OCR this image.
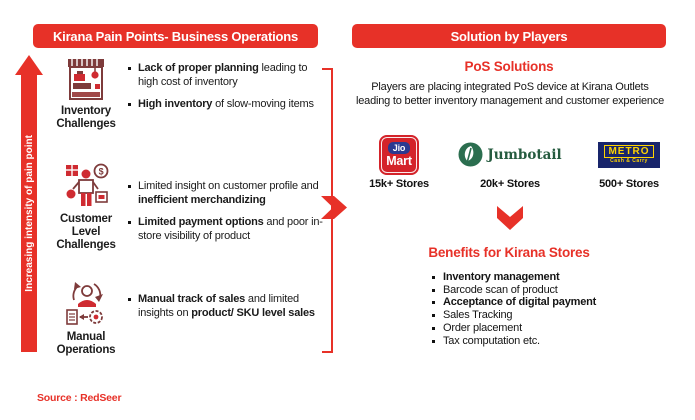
Kirana Pain Points- Business Operations	Solution by Players
Increasing intensity of pain point
Inventory
Challenges
$
Customer
Level
Challenges
Manual
Operations
Lack of proper planning leading to high cost of inventory
High inventory of slow-moving items
Limited insight on customer profile and inefficient merchandizing
Limited payment options and poor in-store visibility of product
Manual track of sales and limited insights on product/ SKU level sales
PoS Solutions
Players are placing integrated PoS device at Kirana Outlets leading to better inventory management and customer experience
Jio
Mart
15k+ Stores
Jumbotail
20k+ Stores
METRO
Cash & Carry
500+ Stores
Benefits for Kirana Stores
Inventory management
Barcode scan of product
Acceptance of digital payment
Sales Tracking
Order placement
Tax computation etc.
Source : RedSeer
